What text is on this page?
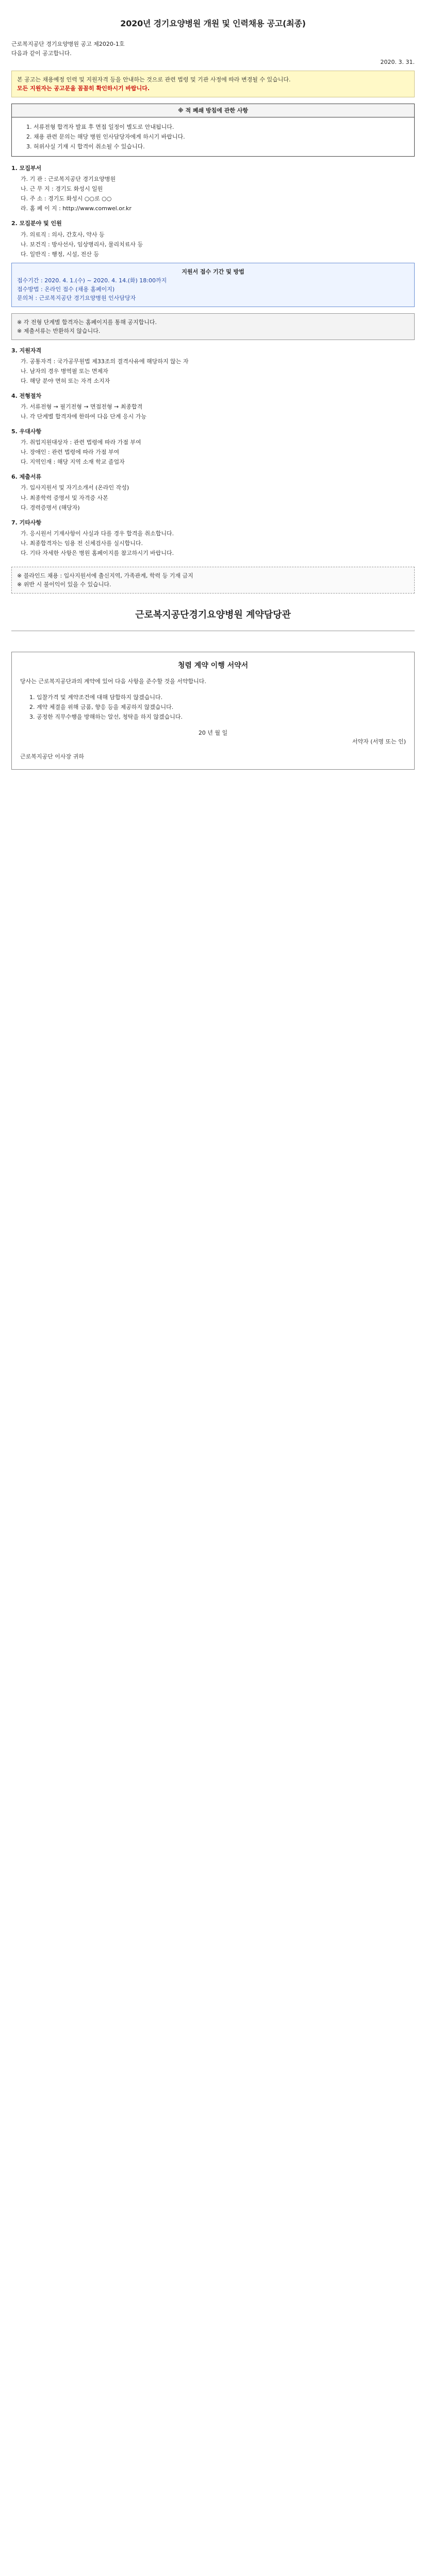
2020년 경기요양병원 개원 및 인력채용 공고(최종)
근로복지공단 경기요양병원 공고 제2020-1호
다음과 같이 공고합니다.
2020. 3. 31.
본 공고는 채용예정 인력 및 지원자격 등을 안내하는 것으로 관련 법령 및 기관 사정에 따라 변경될 수 있습니다.
모든 지원자는 공고문을 꼼꼼히 확인하시기 바랍니다.
※ 적 폐쇄 방침에 관한 사항
1. 서류전형 합격자 발표 후 면접 일정이 별도로 안내됩니다.
2. 채용 관련 문의는 해당 병원 인사담당자에게 하시기 바랍니다.
3. 허위사실 기재 시 합격이 취소될 수 있습니다.
1. 모집부서
가. 기 관 : 근로복지공단 경기요양병원
나. 근 무 지 : 경기도 화성시 일원
다. 주 소 : 경기도 화성시 ○○로 ○○
라. 홈 페 이 지 : http://www.comwel.or.kr
2. 모집분야 및 인원
가. 의료직 : 의사, 간호사, 약사 등
나. 보건직 : 방사선사, 임상병리사, 물리치료사 등
다. 일반직 : 행정, 시설, 전산 등
지원서 접수 기간 및 방법
접수기간 : 2020. 4. 1.(수) ~ 2020. 4. 14.(화) 18:00까지
접수방법 : 온라인 접수 (채용 홈페이지)
문의처 : 근로복지공단 경기요양병원 인사담당자
※ 각 전형 단계별 합격자는 홈페이지를 통해 공지합니다.
※ 제출서류는 반환하지 않습니다.
3. 지원자격
가. 공통자격 : 국가공무원법 제33조의 결격사유에 해당하지 않는 자
나. 남자의 경우 병역필 또는 면제자
다. 해당 분야 면허 또는 자격 소지자
4. 전형절차
가. 서류전형 → 필기전형 → 면접전형 → 최종합격
나. 각 단계별 합격자에 한하여 다음 단계 응시 가능
5. 우대사항
가. 취업지원대상자 : 관련 법령에 따라 가점 부여
나. 장애인 : 관련 법령에 따라 가점 부여
다. 지역인재 : 해당 지역 소재 학교 졸업자
6. 제출서류
가. 입사지원서 및 자기소개서 (온라인 작성)
나. 최종학력 증명서 및 자격증 사본
다. 경력증명서 (해당자)
7. 기타사항
가. 응시원서 기재사항이 사실과 다를 경우 합격을 취소합니다.
나. 최종합격자는 임용 전 신체검사를 실시합니다.
다. 기타 자세한 사항은 병원 홈페이지를 참고하시기 바랍니다.
※ 블라인드 채용 : 입사지원서에 출신지역, 가족관계, 학력 등 기재 금지
※ 위반 시 불이익이 있을 수 있습니다.
근로복지공단경기요양병원 계약담당관
청렴 계약 이행 서약서
당사는 근로복지공단과의 계약에 있어 다음 사항을 준수할 것을 서약합니다.
1. 입찰가격 및 계약조건에 대해 담합하지 않겠습니다.
2. 계약 체결을 위해 금품, 향응 등을 제공하지 않겠습니다.
3. 공정한 직무수행을 방해하는 알선, 청탁을 하지 않겠습니다.
20 년 월 일
서약자 (서명 또는 인)
근로복지공단 이사장 귀하
